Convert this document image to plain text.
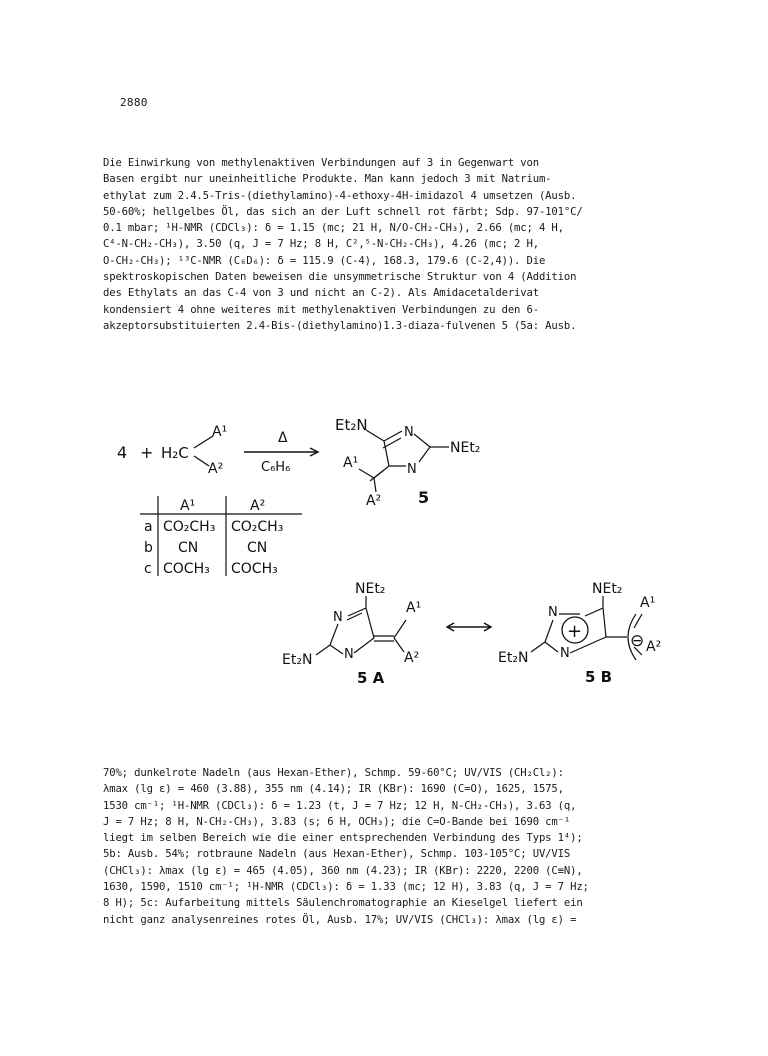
2880

Die Einwirkung von methylenaktiven Verbindungen auf 3 in Gegenwart von
Basen ergibt nur uneinheitliche Produkte. Man kann jedoch 3 mit Natrium-
ethylat zum 2.4.5-Tris-(diethylamino)-4-ethoxy-4H-imidazol 4 umsetzen (Ausb.
50-60%; hellgelbes Öl, das sich an der Luft schnell rot färbt; Sdp. 97-101°C/
0.1 mbar; ¹H-NMR (CDCl₃): δ = 1.15 (mc; 21 H, N/O-CH₂-CH₃), 2.66 (mc; 4 H,
C⁴-N-CH₂-CH₃), 3.50 (q, J = 7 Hz; 8 H, C²,⁵-N-CH₂-CH₃), 4.26 (mc; 2 H,
O-CH₂-CH₃); ¹³C-NMR (C₆D₆): δ = 115.9 (C-4), 168.3, 179.6 (C-2,4)). Die
spektroskopischen Daten beweisen die unsymmetrische Struktur von 4 (Addition
des Ethylats an das C-4 von 3 und nicht an C-2). Als Amidacetalderivat
kondensiert 4 ohne weiteres mit methylenaktiven Verbindungen zu den 6-
akzeptorsubstituierten 2.4-Bis-(diethylamino)1.3-diaza-fulvenen 5 (5a: Ausb.

4 + H₂C
A¹
A²
Δ
C₆H₆
Et₂N	N
NEt₂
N
A¹
A² 5
A¹	A²
a CO₂CH₃ CO₂CH₃
b CN	CN
c COCH₃ COCH₃
NEt₂
N
N
Et₂N
A¹
A²
5 A
NEt₂
N
N
+
Et₂N
⊖
A¹
A²
5 B

70%; dunkelrote Nadeln (aus Hexan-Ether), Schmp. 59-60°C; UV/VIS (CH₂Cl₂):
λmax (lg ε) = 460 (3.88), 355 nm (4.14); IR (KBr): 1690 (C=O), 1625, 1575,
1530 cm⁻¹; ¹H-NMR (CDCl₃): δ = 1.23 (t, J = 7 Hz; 12 H, N-CH₂-CH₃), 3.63 (q,
J = 7 Hz; 8 H, N-CH₂-CH₃), 3.83 (s; 6 H, OCH₃); die C=O-Bande bei 1690 cm⁻¹
liegt im selben Bereich wie die einer entsprechenden Verbindung des Typs 1⁴);
5b: Ausb. 54%; rotbraune Nadeln (aus Hexan-Ether), Schmp. 103-105°C; UV/VIS
(CHCl₃): λmax (lg ε) = 465 (4.05), 360 nm (4.23); IR (KBr): 2220, 2200 (C≡N),
1630, 1590, 1510 cm⁻¹; ¹H-NMR (CDCl₃): δ = 1.33 (mc; 12 H), 3.83 (q, J = 7 Hz;
8 H); 5c: Aufarbeitung mittels Säulenchromatographie an Kieselgel liefert ein
nicht ganz analysenreines rotes Öl, Ausb. 17%; UV/VIS (CHCl₃): λmax (lg ε) =
